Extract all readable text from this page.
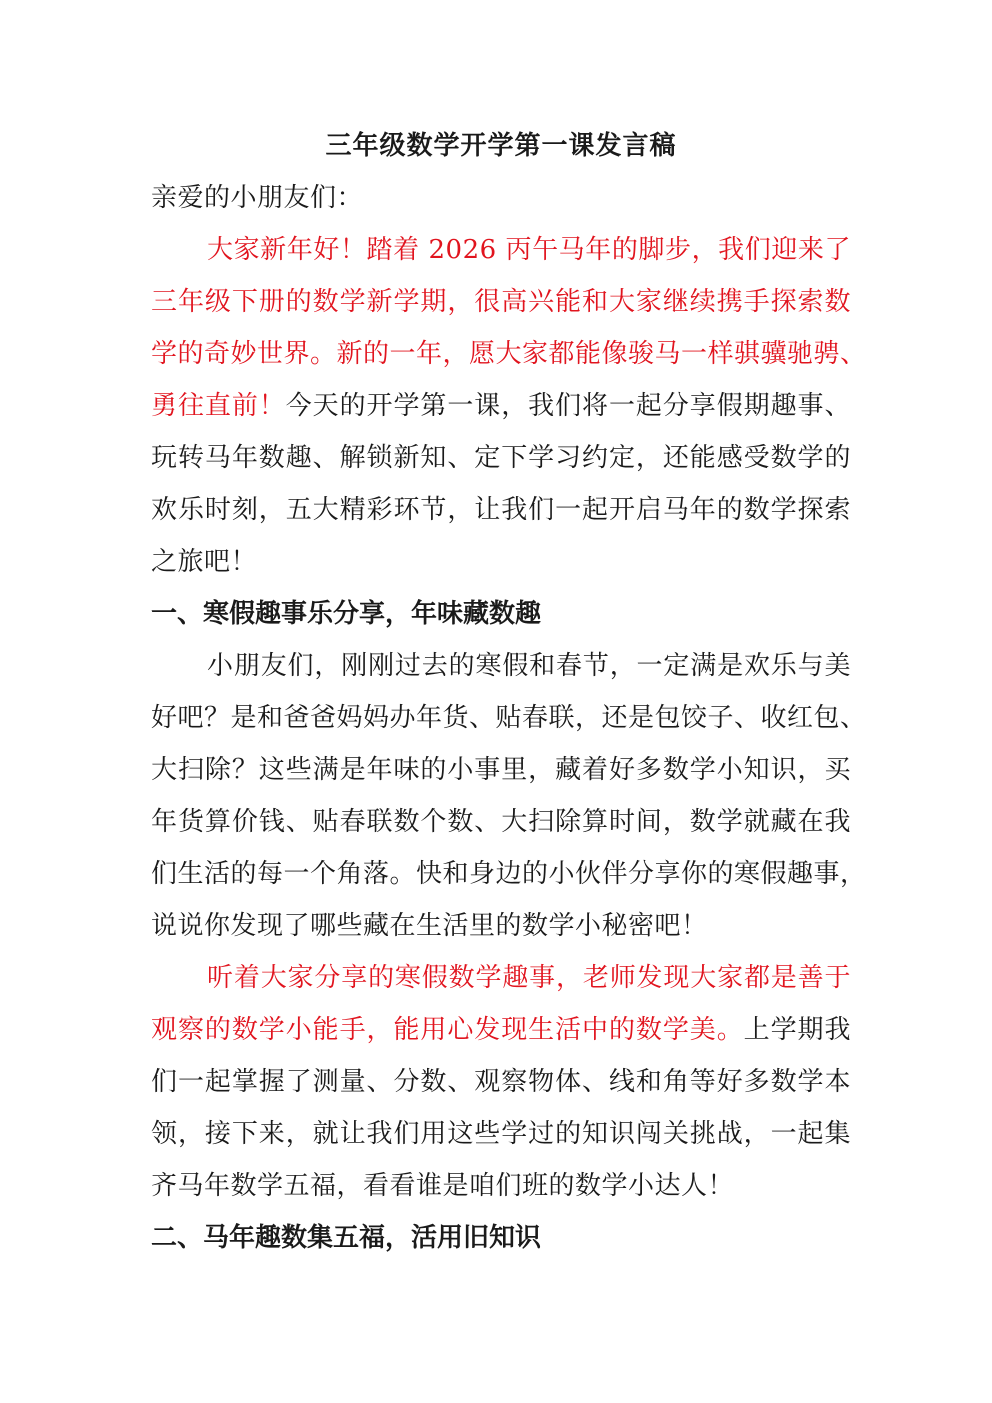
三年级数学开学第一课发言稿

亲爱的小朋友们：

大家新年好！踏着 2026 丙午马年的脚步，我们迎来了

三年级下册的数学新学期，很高兴能和大家继续携手探索数

学的奇妙世界。新的一年，愿大家都能像骏马一样骐骥驰骋、

勇往直前！今天的开学第一课，我们将一起分享假期趣事、

玩转马年数趣、解锁新知、定下学习约定，还能感受数学的

欢乐时刻，五大精彩环节，让我们一起开启马年的数学探索

之旅吧！

一、寒假趣事乐分享，年味藏数趣

小朋友们，刚刚过去的寒假和春节，一定满是欢乐与美

好吧？是和爸爸妈妈办年货、贴春联，还是包饺子、收红包、

大扫除？这些满是年味的小事里，藏着好多数学小知识，买

年货算价钱、贴春联数个数、大扫除算时间，数学就藏在我

们生活的每一个角落。快和身边的小伙伴分享你的寒假趣事，

说说你发现了哪些藏在生活里的数学小秘密吧！

听着大家分享的寒假数学趣事，老师发现大家都是善于

观察的数学小能手，能用心发现生活中的数学美。上学期我

们一起掌握了测量、分数、观察物体、线和角等好多数学本

领，接下来，就让我们用这些学过的知识闯关挑战，一起集

齐马年数学五福，看看谁是咱们班的数学小达人！

二、马年趣数集五福，活用旧知识
